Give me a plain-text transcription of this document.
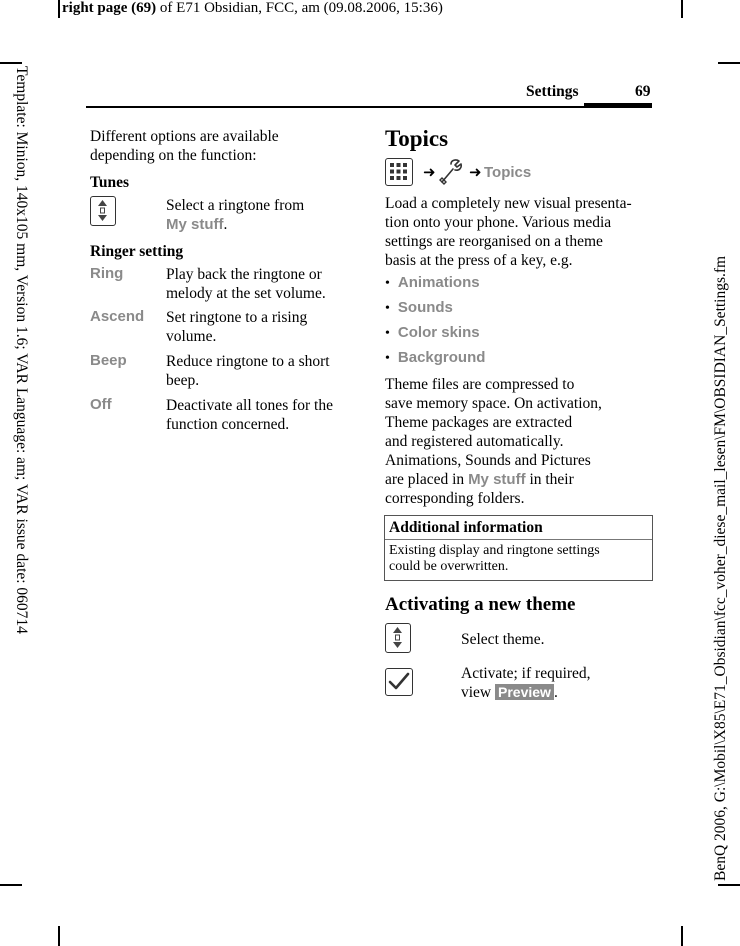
right page (69) of E71 Obsidian, FCC, am (09.08.2006, 15:36)
Template: Minion, 140x105 mm, Version 1.6; VAR Language: am; VAR issue date: 060714	BenQ 2006, G:\Mobil\X85\E71_Obsidian\fcc_voher_diese_mail_lesen\FM\OBSIDIAN_Settings.fm
Settings	69
Different options are available
depending on the function:
Tunes
Select a ringtone from
My stuff.
Ringer setting
Ring	Play back the ringtone or
melody at the set volume.
Ascend Set ringtone to a rising
volume.
Beep	Reduce ringtone to a short
beep.
Off	Deactivate all tones for the
function concerned.
Topics
➜ ➜ Topics
Load a completely new visual presenta-
tion onto your phone. Various media
settings are reorganised on a theme
basis at the press of a key, e.g.
• Animations
• Sounds
• Color skins
• Background
Theme files are compressed to
save memory space. On activation,
Theme packages are extracted
and registered automatically.
Animations, Sounds and Pictures
are placed in My stuff in their
corresponding folders.
Additional information
Existing display and ringtone settings
could be overwritten.
Activating a new theme
Select theme.
Activate; if required,
view Preview .
